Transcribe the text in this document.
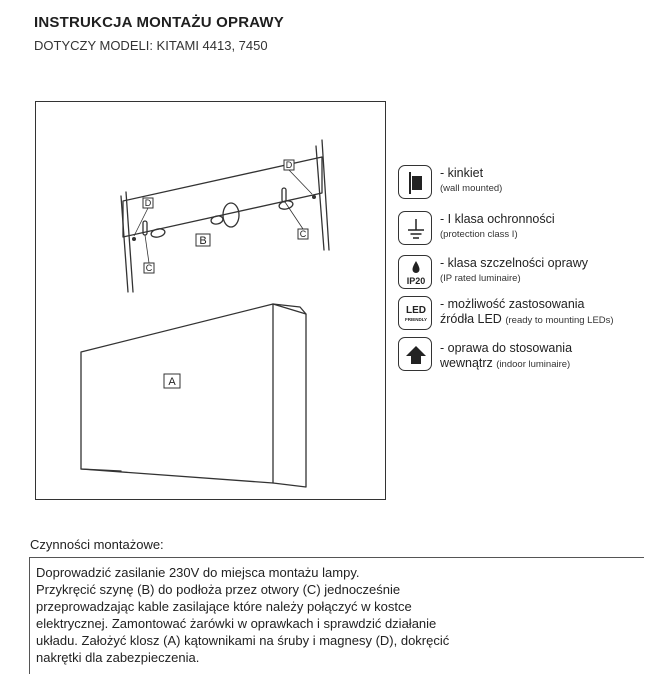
INSTRUKCJA MONTAŻU OPRAWY
DOTYCZY MODELI: KITAMI 4413, 7450
D
D
B
C
C
A
- kinkiet
(wall mounted)
- I klasa ochronności
(protection class I)
IP20
- klasa szczelności oprawy
(IP rated luminaire)
LED
FRIENDLY
- możliwość zastosowania
źródła LED (ready to mounting LEDs)
- oprawa do stosowania
wewnątrz (indoor luminaire)
Czynności montażowe:
Doprowadzić zasilanie 230V do miejsca montażu lampy.
Przykręcić szynę (B) do podłoża przez otwory (C) jednocześnie
przeprowadzając kable zasilające które należy połączyć w kostce
elektrycznej. Zamontować żarówki w oprawkach i sprawdzić działanie
układu. Założyć klosz (A) kątownikami na śruby i magnesy (D), dokręcić
nakrętki dla zabezpieczenia.
